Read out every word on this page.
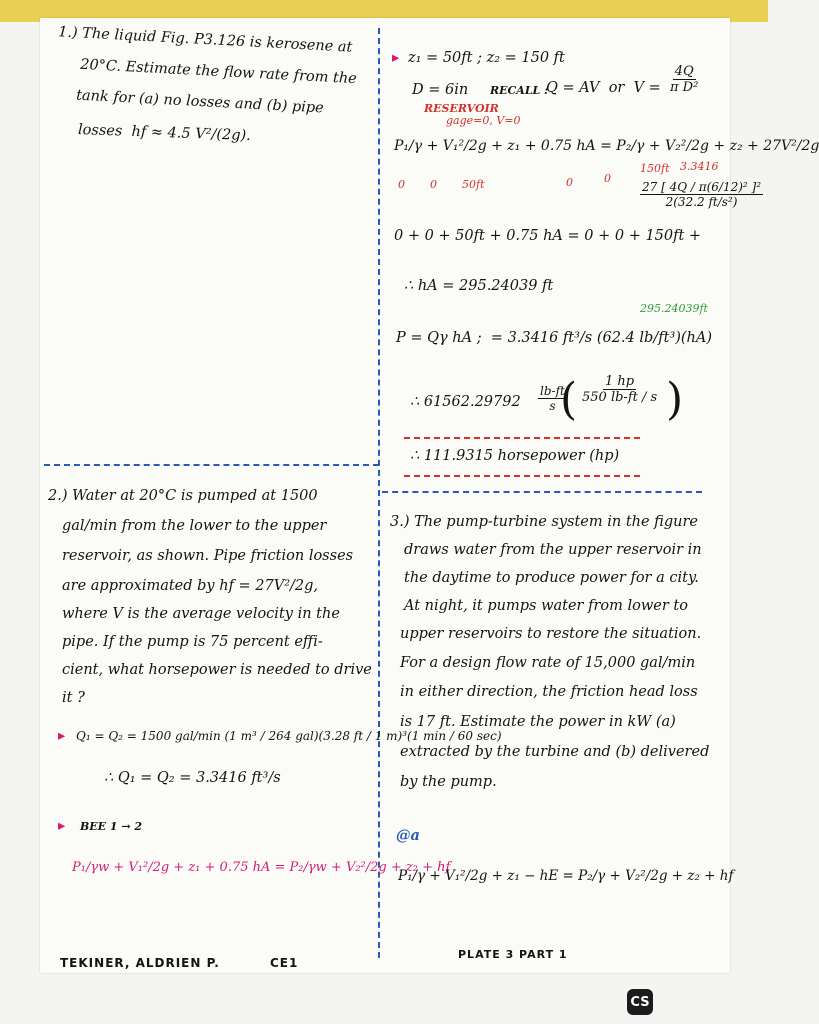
1.) The liquid Fig. P3.126 is kerosene at
20°C. Estimate the flow rate from the
tank for (a) no losses and (b) pipe
losses  hf ≈ 4.5 V²/(2g).
▸ z₁ = 50ft ; z₂ = 150 ft
D = 6in RECALL :
Q = AV  or  $V = \frac{4Q}{\text{π D²}}$
RESERVOIR
gage=0, V=0
P₁/γ + V₁²/2g + z₁ + 0.75 hA = P₂/γ + V₂²/2g + z₂ + 27V²/2g
0 0 50ft	0	0
150ft 3.3416
0 + 0 + 50ft + 0.75 hA = 0 + 0 + 150ft +
$\frac{\text{27 [ 4Q / π(6/12)² ]²}}{\text{2(32.2 ft/s²)}}$
∴ hA = 295.24039 ft
295.24039ft
P = Qγ hA ;  = 3.3416 ft³/s (62.4 lb/ft³)(hA)
∴ $61562.29792 \frac{lb-ft}{s}$
( $\frac{1 hp}{550 lb-ft / s}$ )
∴ 111.9315 horsepower (hp)
2.) Water at 20°C is pumped at 1500
gal/min from the lower to the upper
reservoir, as shown. Pipe friction losses
are approximated by hf = 27V²/2g,
where V is the average velocity in the
pipe. If the pump is 75 percent effi-
cient, what horsepower is needed to drive
it ?
▸ Q₁ = Q₂ = 1500 gal/min (1 m³ / 264 gal)(3.28 ft / 1 m)³(1 min / 60 sec)
∴ Q₁ = Q₂ = 3.3416 ft³/s
▸ BEE 1 → 2
P₁/γw + V₁²/2g + z₁ + 0.75 hA = P₂/γw + V₂²/2g + z₂ + hf
3.) The pump-turbine system in the figure
draws water from the upper reservoir in
the daytime to produce power for a city.
At night, it pumps water from lower to
upper reservoirs to restore the situation.
For a design flow rate of 15,000 gal/min
in either direction, the friction head loss
is 17 ft. Estimate the power in kW (a)
extracted by the turbine and (b) delivered
by the pump.
@a
P₁/γ + V₁²/2g + z₁ − hE = P₂/γ + V₂²/2g + z₂ + hf
TEKINER, ALDRIEN P.	CE1
PLATE 3 PART 1
CS
